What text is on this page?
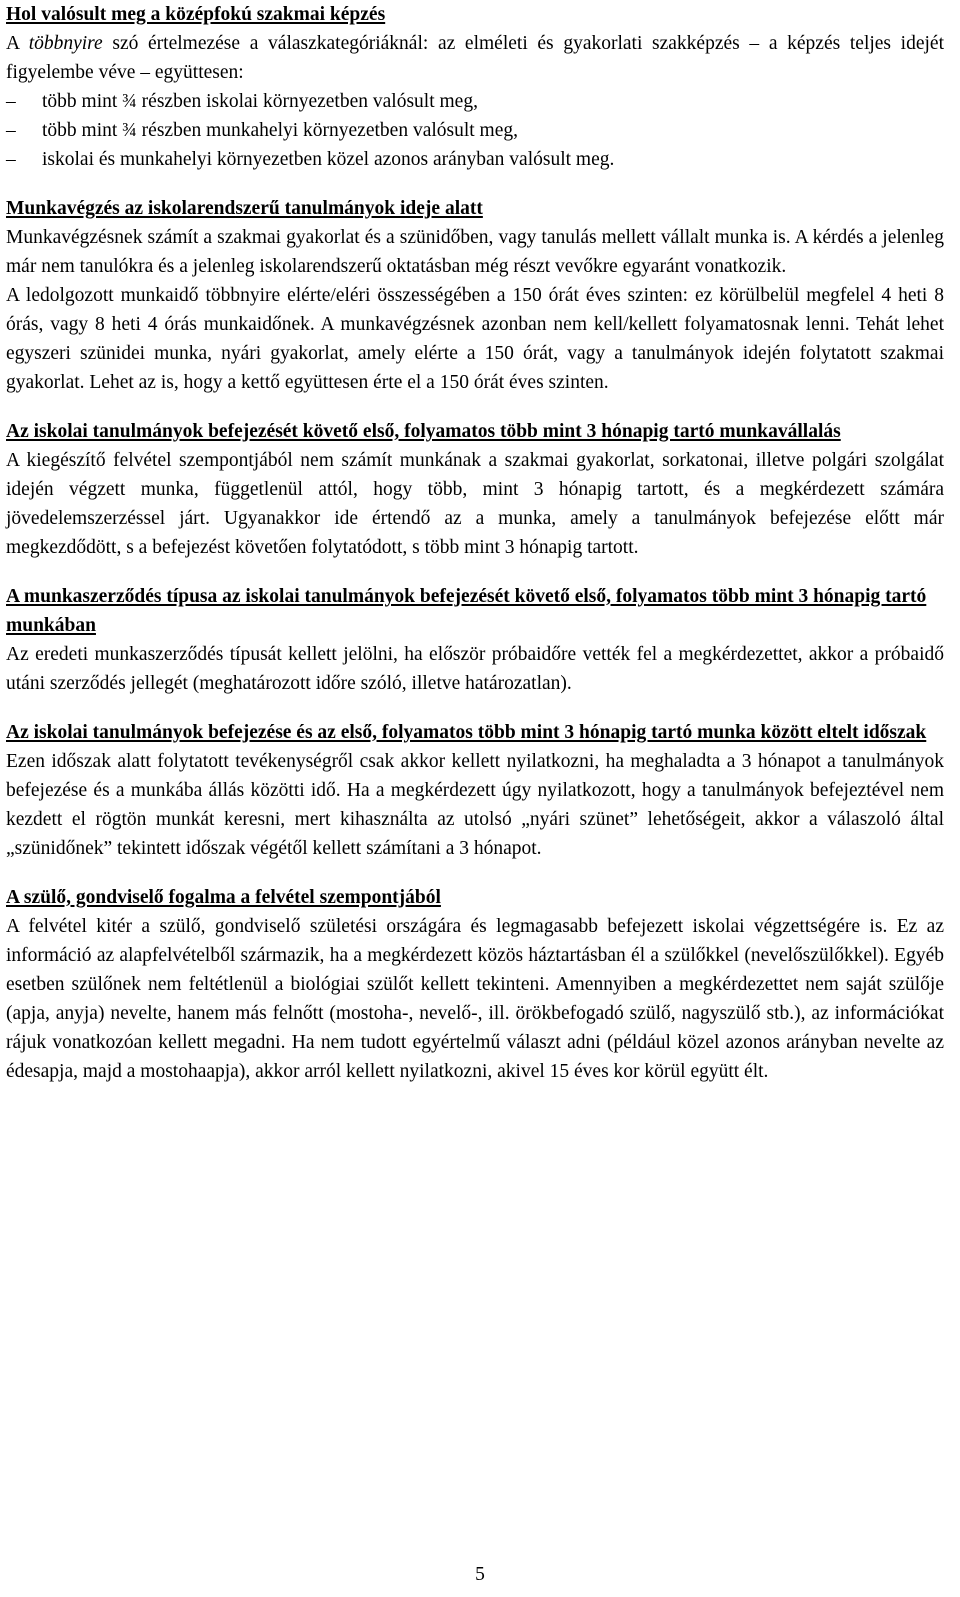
Hol valósult meg a középfokú szakmai képzés

A többnyire szó értelmezése a válaszkategóriáknál: az elméleti és gyakorlati szakképzés – a képzés teljes idejét figyelembe véve – együttesen:

–	több mint ¾ részben iskolai környezetben valósult meg,
–	több mint ¾ részben munkahelyi környezetben valósult meg,
–	iskolai és munkahelyi környezetben közel azonos arányban valósult meg.
Munkavégzés az iskolarendszerű tanulmányok ideje alatt

Munkavégzésnek számít a szakmai gyakorlat és a szünidőben, vagy tanulás mellett vállalt munka is. A kérdés a jelenleg már nem tanulókra és a jelenleg iskolarendszerű oktatásban még részt vevőkre egyaránt vonatkozik.

A ledolgozott munkaidő többnyire elérte/eléri összességében a 150 órát éves szinten: ez körülbelül megfelel 4 heti 8 órás, vagy 8 heti 4 órás munkaidőnek. A munkavégzésnek azonban nem kell/kellett folyamatosnak lenni. Tehát lehet egyszeri szünidei munka, nyári gyakorlat, amely elérte a 150 órát, vagy a tanulmányok idején folytatott szakmai gyakorlat. Lehet az is, hogy a kettő együttesen érte el a 150 órát éves szinten.

Az iskolai tanulmányok befejezését követő első, folyamatos több mint 3 hónapig tartó munkavállalás

A kiegészítő felvétel szempontjából nem számít munkának a szakmai gyakorlat, sorkatonai, illetve polgári szolgálat idején végzett munka, függetlenül attól, hogy több, mint 3 hónapig tartott, és a megkérdezett számára jövedelemszerzéssel járt. Ugyanakkor ide értendő az a munka, amely a tanulmányok befejezése előtt már megkezdődött, s a befejezést követően folytatódott, s több mint 3 hónapig tartott.

A munkaszerződés típusa az iskolai tanulmányok befejezését követő első, folyamatos több mint 3 hónapig tartó munkában

Az eredeti munkaszerződés típusát kellett jelölni, ha először próbaidőre vették fel a megkérdezettet, akkor a próbaidő utáni szerződés jellegét (meghatározott időre szóló, illetve határozatlan).

Az iskolai tanulmányok befejezése és az első, folyamatos több mint 3 hónapig tartó munka között eltelt időszak

Ezen időszak alatt folytatott tevékenységről csak akkor kellett nyilatkozni, ha meghaladta a 3 hónapot a tanulmányok befejezése és a munkába állás közötti idő. Ha a megkérdezett úgy nyilatkozott, hogy a tanulmányok befejeztével nem kezdett el rögtön munkát keresni, mert kihasználta az utolsó „nyári szünet” lehetőségeit, akkor a válaszoló által „szünidőnek” tekintett időszak végétől kellett számítani a 3 hónapot.

A szülő, gondviselő fogalma a felvétel szempontjából

A felvétel kitér a szülő, gondviselő születési országára és legmagasabb befejezett iskolai végzettségére is. Ez az információ az alapfelvételből származik, ha a megkérdezett közös háztartásban él a szülőkkel (nevelőszülőkkel). Egyéb esetben szülőnek nem feltétlenül a biológiai szülőt kellett tekinteni. Amennyiben a megkérdezettet nem saját szülője (apja, anyja) nevelte, hanem más felnőtt (mostoha-, nevelő-, ill. örökbefogadó szülő, nagyszülő stb.), az információkat rájuk vonatkozóan kellett megadni. Ha nem tudott egyértelmű választ adni (például közel azonos arányban nevelte az édesapja, majd a mostohaapja), akkor arról kellett nyilatkozni, akivel 15 éves kor körül együtt élt.

5
